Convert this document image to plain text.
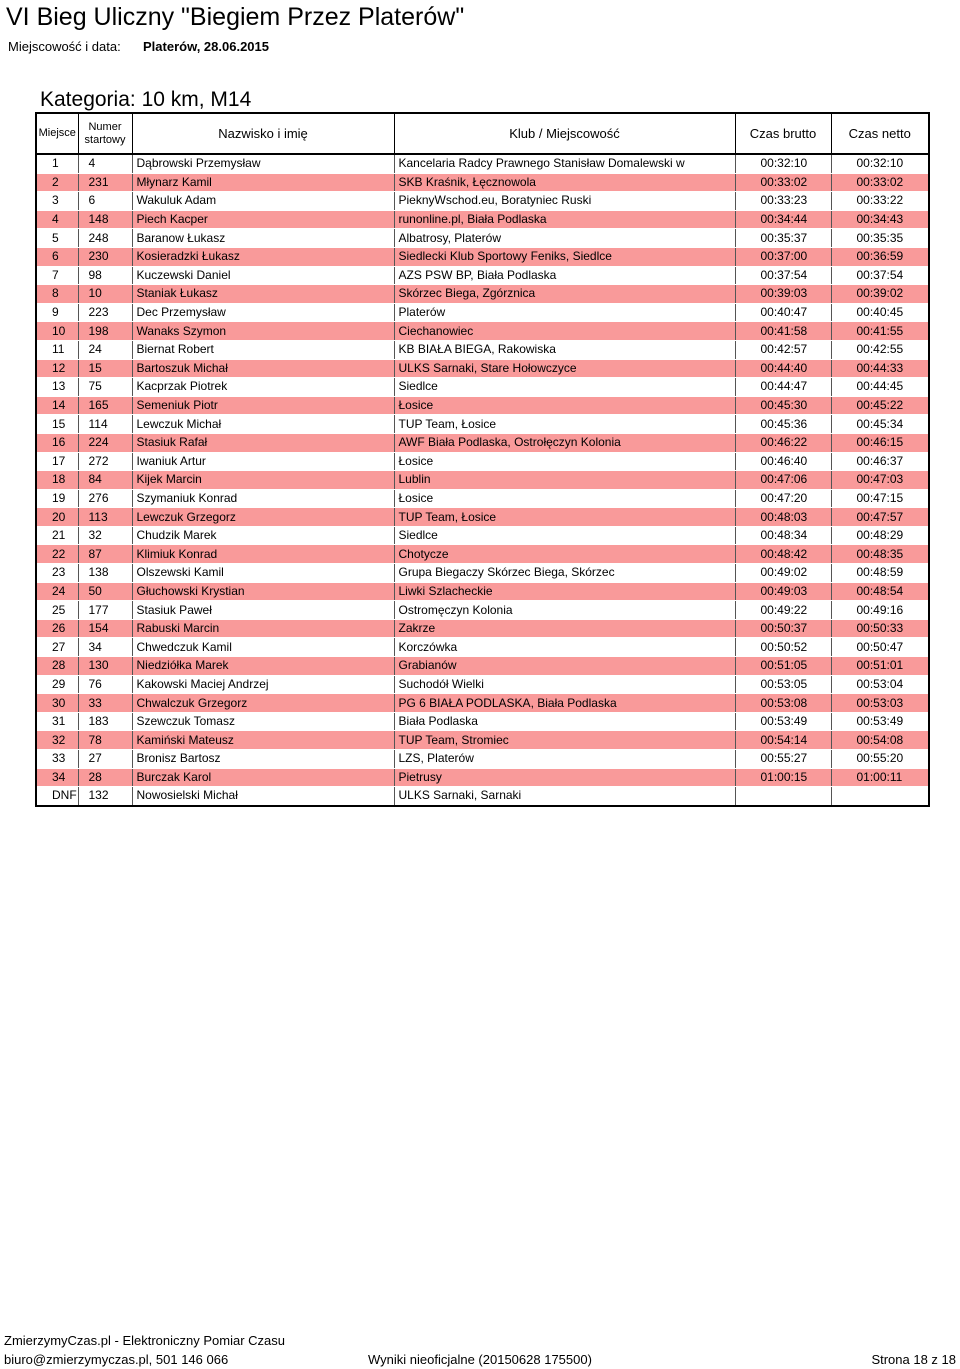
VI Bieg Uliczny "Biegiem Przez Platerów"
Miejscowość i data: Platerów, 28.06.2015
Kategoria: 10 km, M14
Miejsce	Numer startowy	Nazwisko i imię	Klub / Miejscowość	Czas brutto	Czas netto
1	4	Dąbrowski Przemysław	Kancelaria Radcy Prawnego Stanisław Domalewski w	00:32:10	00:32:10
2	231	Młynarz Kamil	SKB Kraśnik, Łęcznowola	00:33:02	00:33:02
3	6	Wakuluk Adam	PieknyWschod.eu, Boratyniec Ruski	00:33:23	00:33:22
4	148	Piech Kacper	runonline.pl, Biała Podlaska	00:34:44	00:34:43
5	248	Baranow Łukasz	Albatrosy, Platerów	00:35:37	00:35:35
6	230	Kosieradzki Łukasz	Siedlecki Klub Sportowy Feniks, Siedlce	00:37:00	00:36:59
7	98	Kuczewski Daniel	AZS PSW BP, Biała Podlaska	00:37:54	00:37:54
8	10	Staniak Łukasz	Skórzec Biega, Zgórznica	00:39:03	00:39:02
9	223	Dec Przemysław	Platerów	00:40:47	00:40:45
10	198	Wanaks Szymon	Ciechanowiec	00:41:58	00:41:55
11	24	Biernat Robert	KB BIAŁA BIEGA, Rakowiska	00:42:57	00:42:55
12	15	Bartoszuk Michał	ULKS Sarnaki, Stare Hołowczyce	00:44:40	00:44:33
13	75	Kacprzak Piotrek	Siedlce	00:44:47	00:44:45
14	165	Semeniuk Piotr	Łosice	00:45:30	00:45:22
15	114	Lewczuk Michał	TUP Team, Łosice	00:45:36	00:45:34
16	224	Stasiuk Rafał	AWF Biała Podlaska, Ostrołęczyn Kolonia	00:46:22	00:46:15
17	272	Iwaniuk Artur	Łosice	00:46:40	00:46:37
18	84	Kijek Marcin	Lublin	00:47:06	00:47:03
19	276	Szymaniuk Konrad	Łosice	00:47:20	00:47:15
20	113	Lewczuk Grzegorz	TUP Team, Łosice	00:48:03	00:47:57
21	32	Chudzik Marek	Siedlce	00:48:34	00:48:29
22	87	Klimiuk Konrad	Chotycze	00:48:42	00:48:35
23	138	Olszewski Kamil	Grupa Biegaczy Skórzec Biega, Skórzec	00:49:02	00:48:59
24	50	Głuchowski Krystian	Liwki Szlacheckie	00:49:03	00:48:54
25	177	Stasiuk Paweł	Ostromęczyn Kolonia	00:49:22	00:49:16
26	154	Rabuski Marcin	Zakrze	00:50:37	00:50:33
27	34	Chwedczuk Kamil	Korczówka	00:50:52	00:50:47
28	130	Niedziółka Marek	Grabianów	00:51:05	00:51:01
29	76	Kakowski Maciej Andrzej	Suchodół Wielki	00:53:05	00:53:04
30	33	Chwalczuk Grzegorz	PG 6 BIAŁA PODLASKA, Biała Podlaska	00:53:08	00:53:03
31	183	Szewczuk Tomasz	Biała Podlaska	00:53:49	00:53:49
32	78	Kamiński Mateusz	TUP Team, Stromiec	00:54:14	00:54:08
33	27	Bronisz Bartosz	LZS, Platerów	00:55:27	00:55:20
34	28	Burczak Karol	Pietrusy	01:00:15	01:00:11
DNF	132	Nowosielski Michał	ULKS Sarnaki, Sarnaki		
ZmierzymyCzas.pl - Elektroniczny Pomiar Czasu
biuro@zmierzymyczas.pl, 501 146 066	Wyniki nieoficjalne (20150628 175500)	Strona 18 z 18
